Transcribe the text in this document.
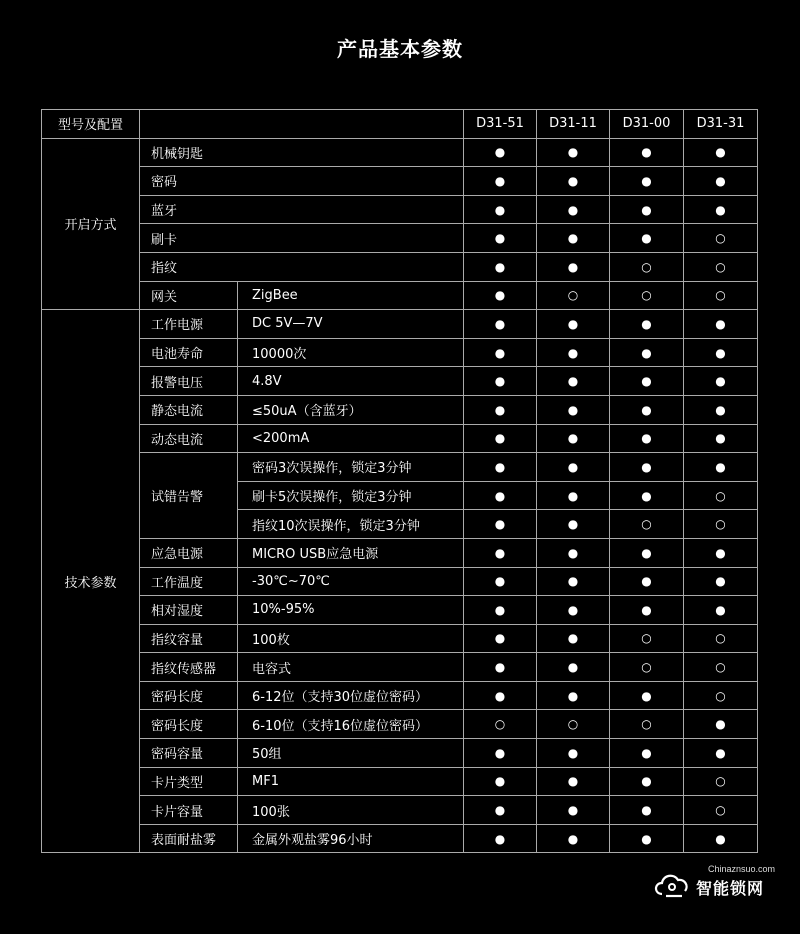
产品基本参数
型号及配置			D31-51	D31-11	D31-00	D31-31
开启方式	机械钥匙		●	●	●	●
	密码		●	●	●	●
	蓝牙		●	●	●	●
	刷卡		●	●	●	○
	指纹		●	●	○	○
	网关	ZigBee	●	○	○	○
技术参数	工作电源	DC 5V—7V	●	●	●	●
	电池寿命	10000次	●	●	●	●
	报警电压	4.8V	●	●	●	●
	静态电流	≤50uA（含蓝牙）	●	●	●	●
	动态电流	<200mA	●	●	●	●
	试错告警	密码3次误操作，锁定3分钟	●	●	●	●
		刷卡5次误操作，锁定3分钟	●	●	●	○
		指纹10次误操作，锁定3分钟	●	●	○	○
	应急电源	MICRO USB应急电源	●	●	●	●
	工作温度	-30℃~70℃	●	●	●	●
	相对湿度	10%-95%	●	●	●	●
	指纹容量	100枚	●	●	○	○
	指纹传感器	电容式	●	●	○	○
	密码长度	6-12位（支持30位虚位密码）	●	●	●	○
	密码长度	6-10位（支持16位虚位密码）	○	○	○	●
	密码容量	50组	●	●	●	●
	卡片类型	MF1	●	●	●	○
	卡片容量	100张	●	●	●	○
	表面耐盐雾	金属外观盐雾96小时	●	●	●	●
Chinaznsuo.com
智能锁网
